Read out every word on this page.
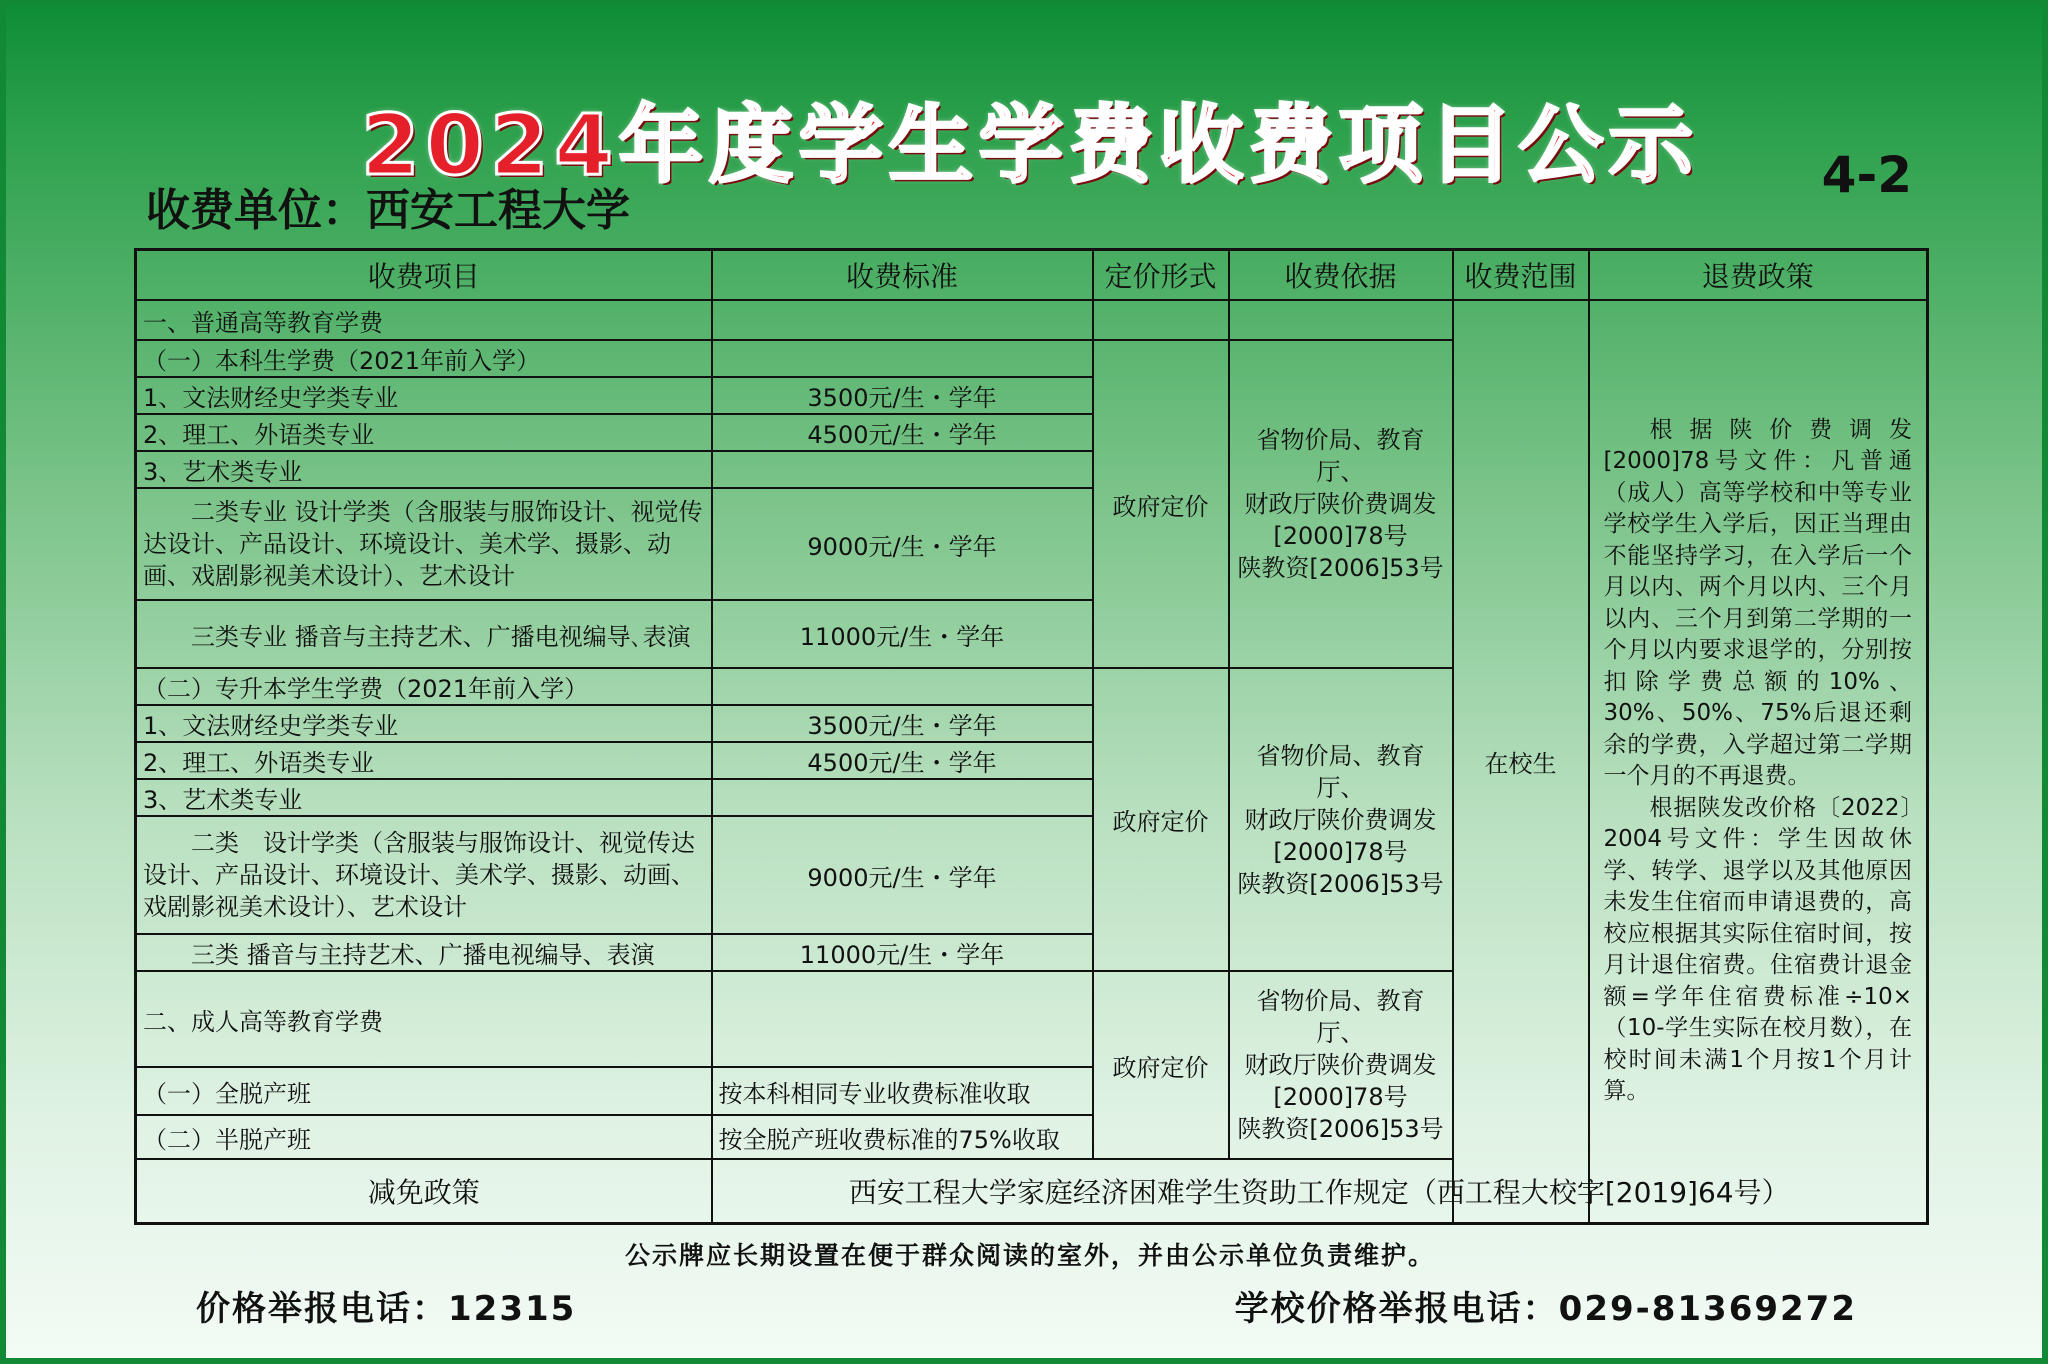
2024年度学生学费收费项目公示
收费单位：西安工程大学
4-2
收费项目	收费标准	定价形式	收费依据	收费范围	退费政策
一、普通高等教育学费				在校生	根据陕价费调发[2000]78号文件：凡普通（成人）高等学校和中等专业学校学生入学后，因正当理由不能坚持学习，在入学后一个月以内、两个月以内、三个月以内、三个月到第二学期的一个月以内要求退学的，分别按扣除学费总额的10%、30%、50%、75%后退还剩余的学费，入学超过第二学期一个月的不再退费。

根据陕发改价格〔2022〕2004号文件：学生因故休学、转学、退学以及其他原因未发生住宿而申请退费的，高校应根据其实际住宿时间，按月计退住宿费。住宿费计退金额=学年住宿费标准÷10×（10-学生实际在校月数），在校时间未满1个月按1个月计算。

（一）本科生学费（2021年前入学）		政府定价	省物价局、教育厅、
财政厅陕价费调发
[2000]78号
陕教资[2006]53号		

1、文法财经史学类专业	3500元/生・学年				
2、理工、外语类专业	4500元/生・学年				
3、艺术类专业					
二类专业 设计学类（含服装与服饰设计、视觉传达设计、产品设计、环境设计、美术学、摄影、动画、戏剧影视美术设计）、艺术设计	9000元/生・学年				
三类专业 播音与主持艺术、广播电视编导､表演	11000元/生・学年				
（二）专升本学生学费（2021年前入学）		政府定价	省物价局、教育厅、
财政厅陕价费调发
[2000]78号
陕教资[2006]53号		

1、文法财经史学类专业	3500元/生・学年				
2、理工、外语类专业	4500元/生・学年				
3、艺术类专业					
二类　设计学类（含服装与服饰设计、视觉传达设计、产品设计、环境设计、美术学、摄影、动画、戏剧影视美术设计）、艺术设计	9000元/生・学年				
三类 播音与主持艺术、广播电视编导、表演	11000元/生・学年				
二、成人高等教育学费		政府定价	省物价局、教育厅、
财政厅陕价费调发
[2000]78号
陕教资[2006]53号		

（一）全脱产班	按本科相同专业收费标准收取				
（二）半脱产班	按全脱产班收费标准的75%收取				
减免政策	西安工程大学家庭经济困难学生资助工作规定（西工程大校字[2019]64号）				
公示牌应长期设置在便于群众阅读的室外，并由公示单位负责维护。
价格举报电话：12315	学校价格举报电话：029-81369272
